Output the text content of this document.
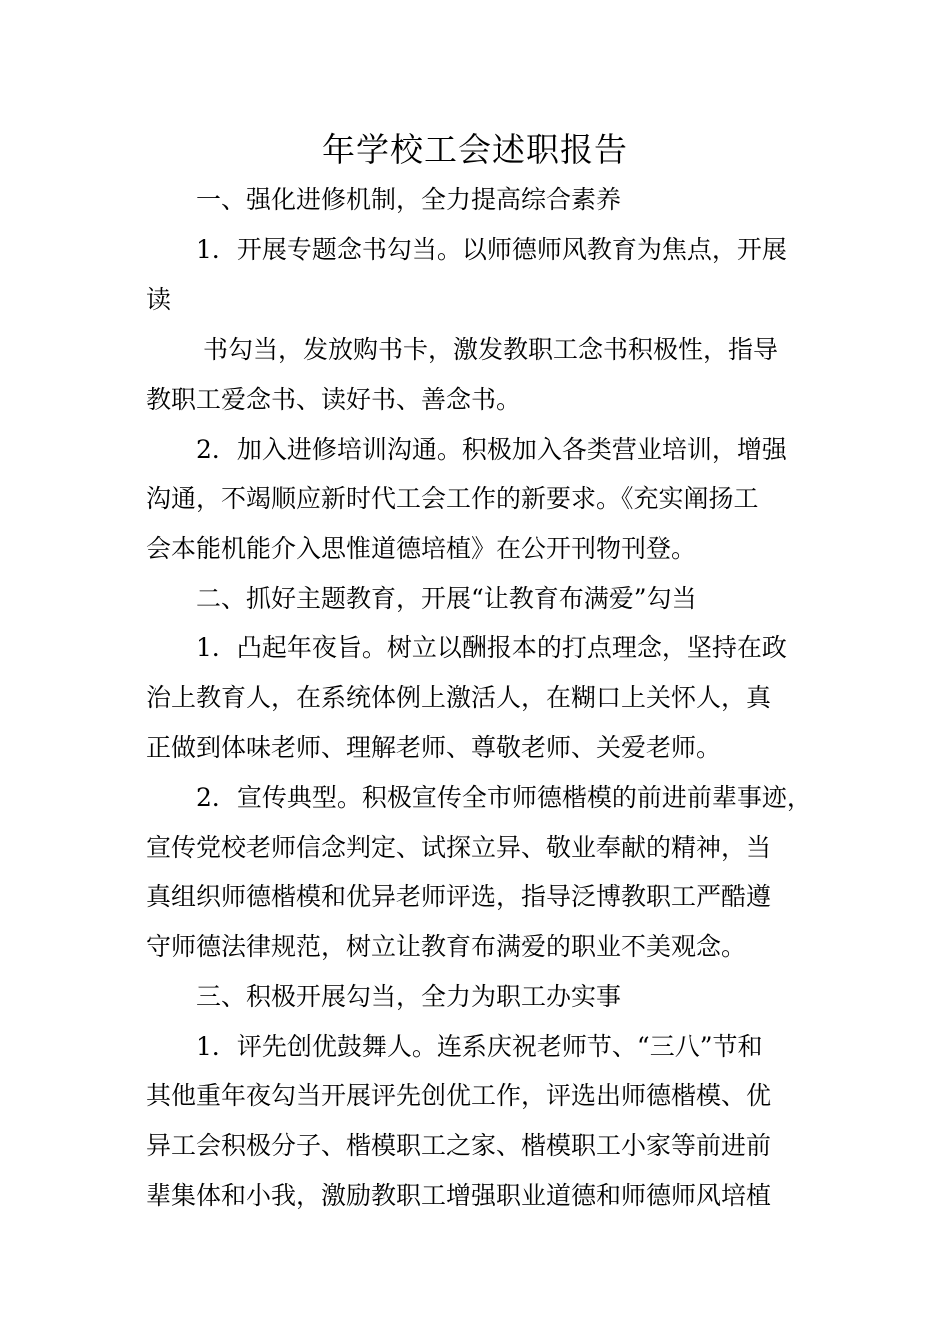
年学校工会述职报告
一、强化进修机制，全力提高综合素养
1．开展专题念书勾当。以师德师风教育为焦点，开展
读
书勾当，发放购书卡，激发教职工念书积极性，指导
教职工爱念书、读好书、善念书。
2．加入进修培训沟通。积极加入各类营业培训，增强
沟通，不竭顺应新时代工会工作的新要求。《充实阐扬工
会本能机能介入思惟道德培植》在公开刊物刊登。
二、抓好主题教育，开展“让教育布满爱”勾当
1．凸起年夜旨。树立以酬报本的打点理念，坚持在政
治上教育人，在系统体例上激活人，在糊口上关怀人，真
正做到体味老师、理解老师、尊敬老师、关爱老师。
2．宣传典型。积极宣传全市师德楷模的前进前辈事迹，
宣传党校老师信念判定、试探立异、敬业奉献的精神，当
真组织师德楷模和优异老师评选，指导泛博教职工严酷遵
守师德法律规范，树立让教育布满爱的职业不美观念。
三、积极开展勾当，全力为职工办实事
1．评先创优鼓舞人。连系庆祝老师节、“三八”节和
其他重年夜勾当开展评先创优工作，评选出师德楷模、优
异工会积极分子、楷模职工之家、楷模职工小家等前进前
辈集体和小我，激励教职工增强职业道德和师德师风培植
